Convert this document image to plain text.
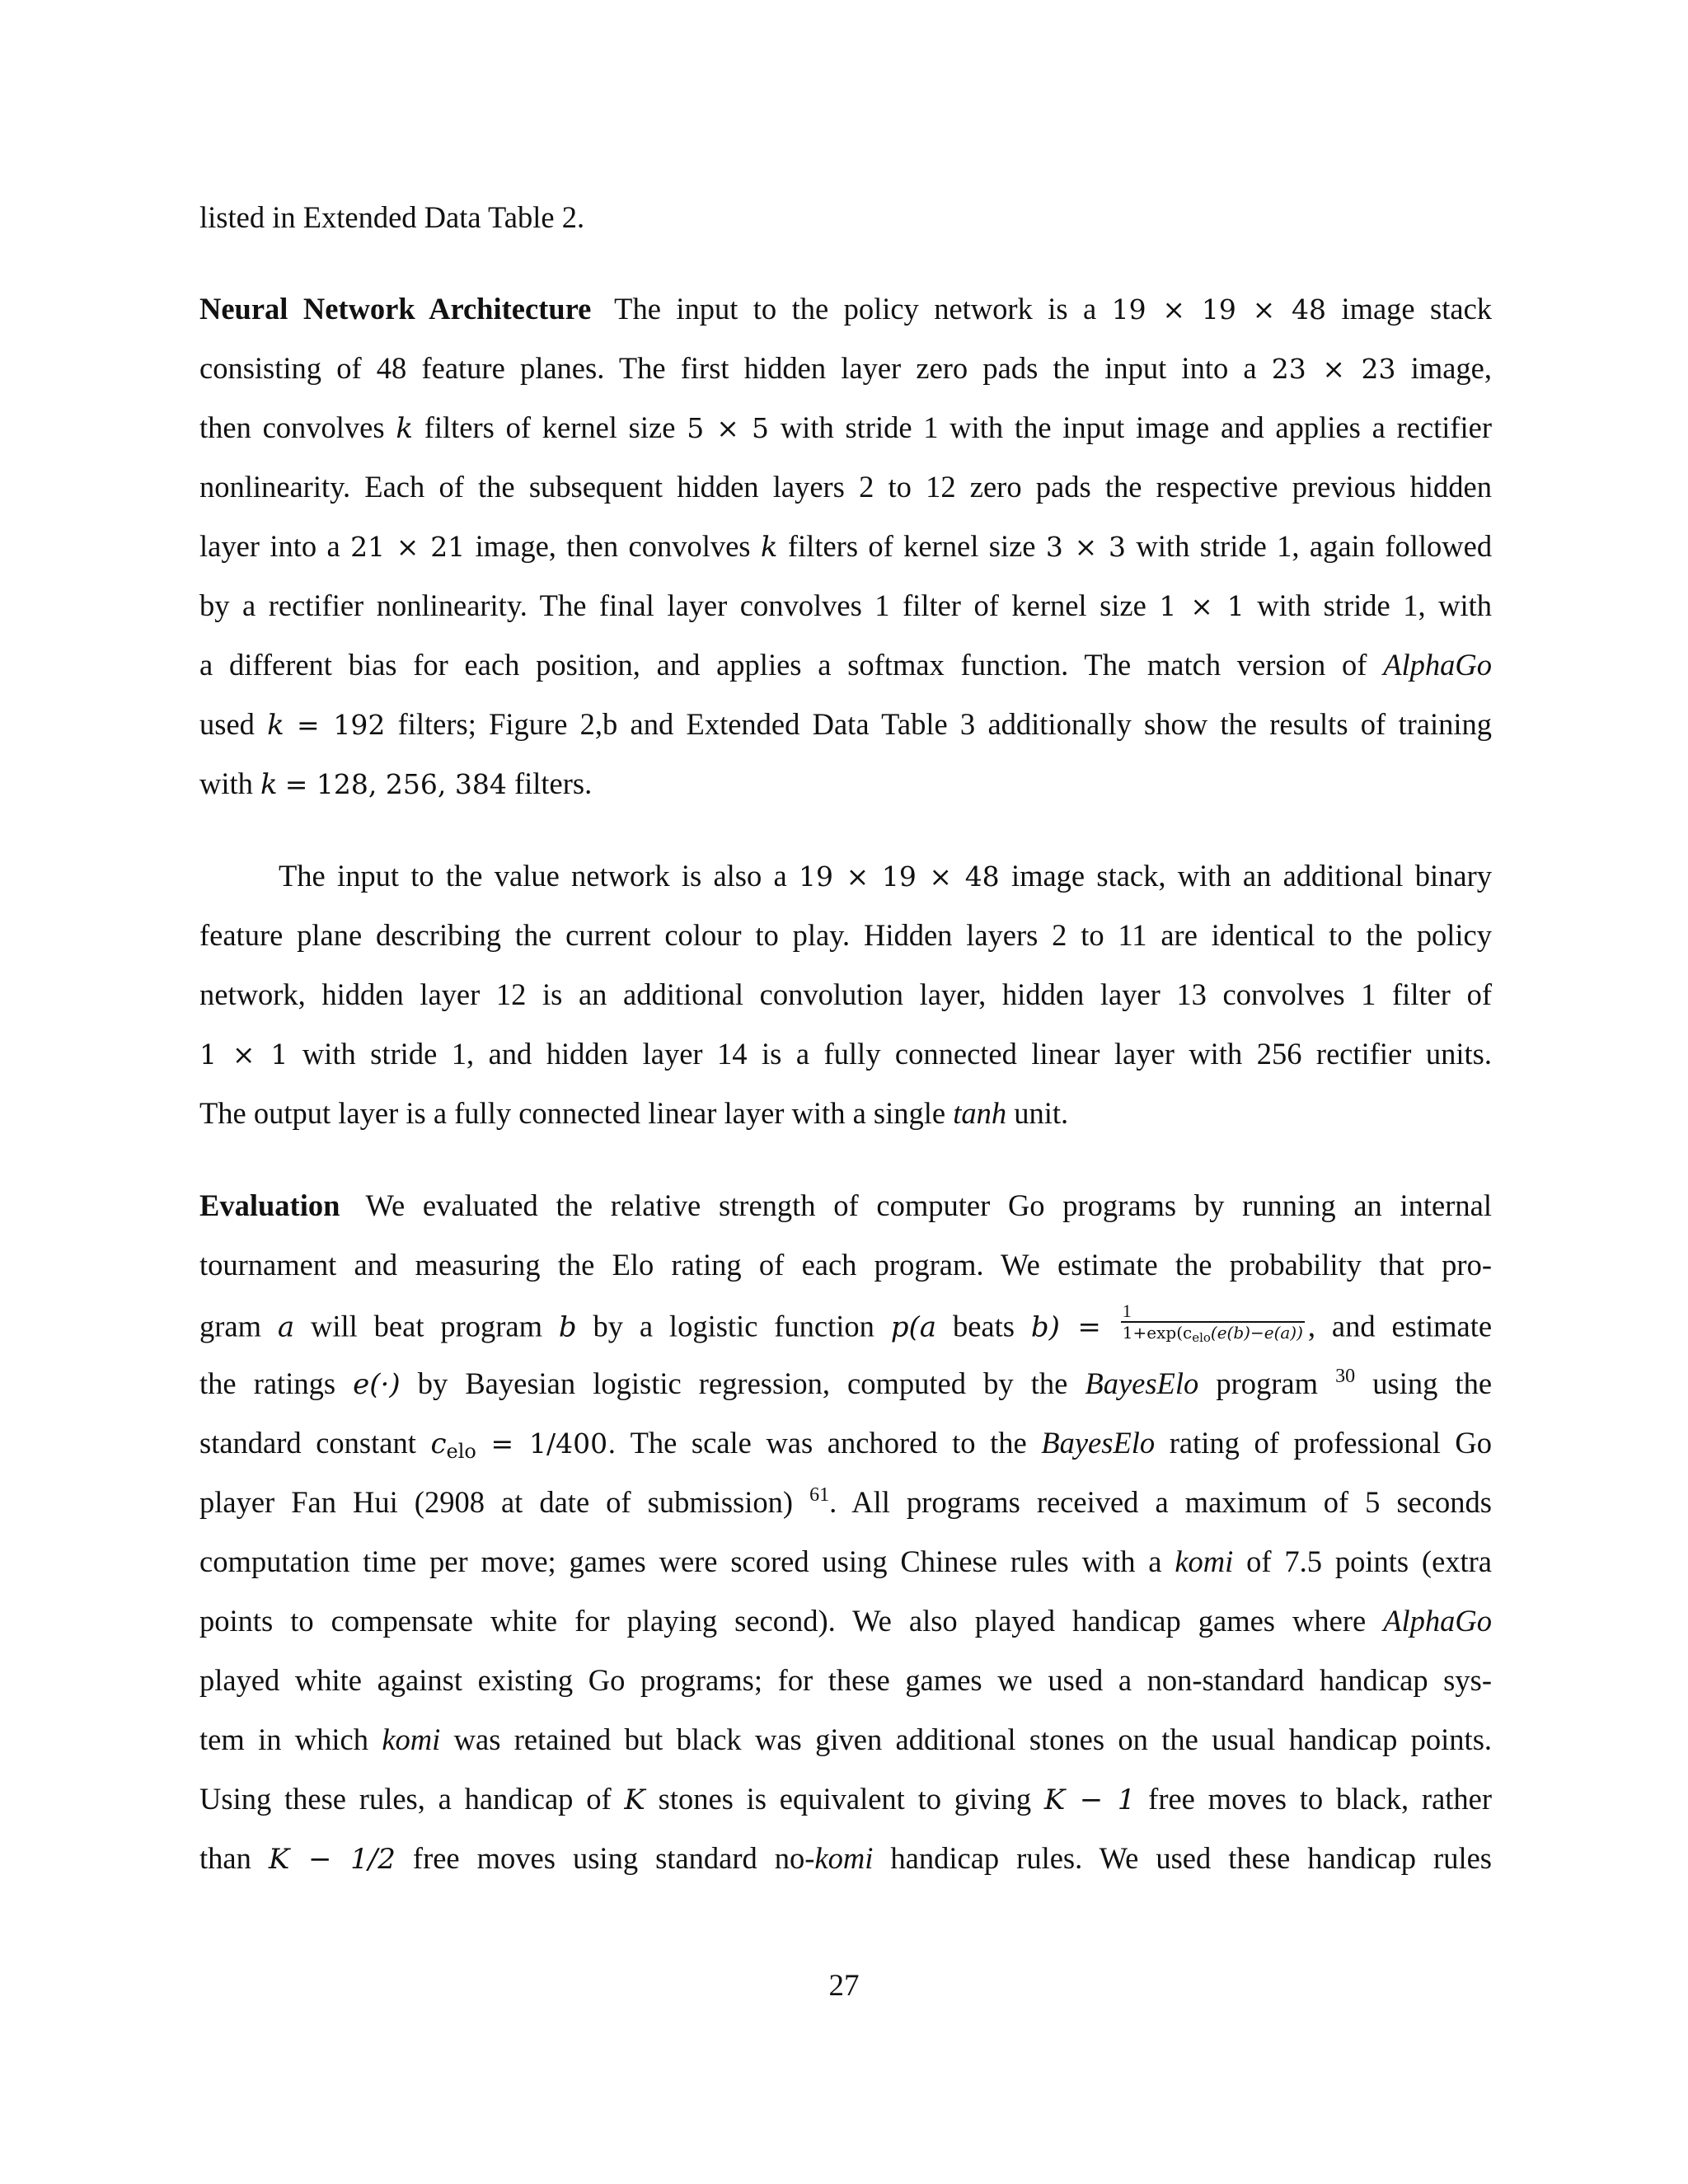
listed in Extended Data Table 2.
Neural Network Architecture The input to the policy network is a 19 × 19 × 48 image stack
consisting of 48 feature planes. The first hidden layer zero pads the input into a 23 × 23 image,
then convolves k filters of kernel size 5 × 5 with stride 1 with the input image and applies a rectifier
nonlinearity. Each of the subsequent hidden layers 2 to 12 zero pads the respective previous hidden
layer into a 21 × 21 image, then convolves k filters of kernel size 3 × 3 with stride 1, again followed
by a rectifier nonlinearity. The final layer convolves 1 filter of kernel size 1 × 1 with stride 1, with
a different bias for each position, and applies a softmax function. The match version of AlphaGo
used k = 192 filters; Figure 2,b and Extended Data Table 3 additionally show the results of training
with k = 128, 256, 384 filters.
The input to the value network is also a 19 × 19 × 48 image stack, with an additional binary
feature plane describing the current colour to play. Hidden layers 2 to 11 are identical to the policy
network, hidden layer 12 is an additional convolution layer, hidden layer 13 convolves 1 filter of
1 × 1 with stride 1, and hidden layer 14 is a fully connected linear layer with 256 rectifier units.
The output layer is a fully connected linear layer with a single tanh unit.
Evaluation We evaluated the relative strength of computer Go programs by running an internal
tournament and measuring the Elo rating of each program. We estimate the probability that pro-
gram a will beat program b by a logistic function p(a beats $b) = \frac{1}{1+\exp(c_{elo}(e(b)-e(a))}$ , and estimate
the ratings e(·) by Bayesian logistic regression, computed by the BayesElo program $^{30}$ using the
standard constant $c_{elo} = 1/400$. The scale was anchored to the BayesElo rating of professional Go
player Fan Hui (2908 at date of submission) $^{61}$. All programs received a maximum of 5 seconds
computation time per move; games were scored using Chinese rules with a komi of 7.5 points (extra
points to compensate white for playing second). We also played handicap games where AlphaGo
played white against existing Go programs; for these games we used a non-standard handicap sys-
tem in which komi was retained but black was given additional stones on the usual handicap points.
Using these rules, a handicap of K stones is equivalent to giving K − 1 free moves to black, rather
than K − 1/2 free moves using standard no-komi handicap rules. We used these handicap rules
27
